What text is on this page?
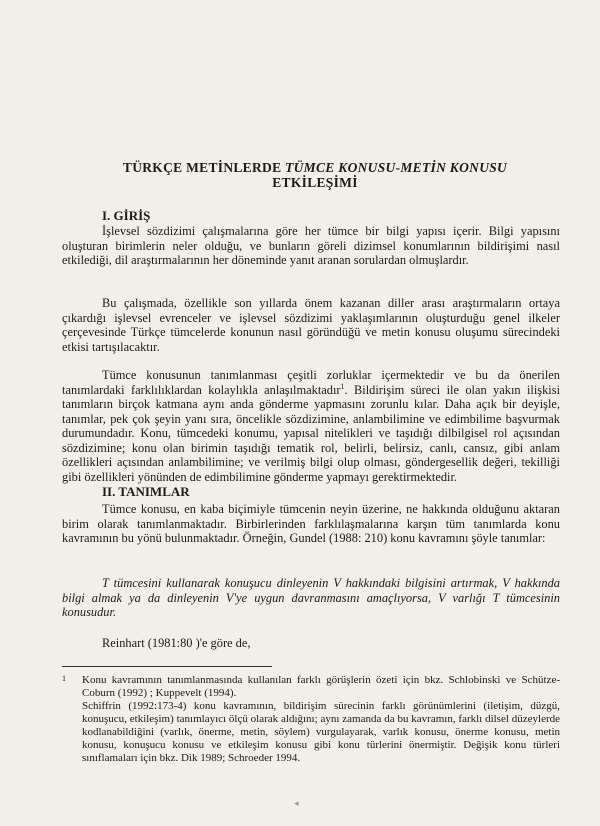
TÜRKÇE METİNLERDE TÜMCE KONUSU-METİN KONUSU
ETKİLEŞİMİ
I. GİRİŞ

İşlevsel sözdizimi çalışmalarına göre her tümce bir bilgi yapısı içerir. Bilgi yapısını oluşturan birimlerin neler olduğu, ve bunların göreli dizimsel konumlarının bildirişimi nasıl etkilediği, dil araştırmalarının her döneminde yanıt aranan sorulardan olmuşlardır.

Bu çalışmada, özellikle son yıllarda önem kazanan diller arası araştırmaların ortaya çıkardığı işlevsel evrenceler ve işlevsel sözdizimi yaklaşımlarının oluşturduğu genel ilkeler çerçevesinde Türkçe tümcelerde konunun nasıl göründüğü ve metin konusu oluşumu sürecindeki etkisi tartışılacaktır.

Tümce konusunun tanımlanması çeşitli zorluklar içermektedir ve bu da önerilen tanımlardaki farklılıklardan kolaylıkla anlaşılmaktadır$^1$. Bildirişim süreci ile olan yakın ilişkisi tanımların birçok katmana aynı anda gönderme yapmasını zorunlu kılar. Daha açık bir deyişle, tanımlar, pek çok şeyin yanı sıra, öncelikle sözdizimine, anlambilimine ve edimbilime başvurmak durumundadır. Konu, tümcedeki konumu, yapısal nitelikleri ve taşıdığı dilbilgisel rol açısından sözdizimine; konu olan birimin taşıdığı tematik rol, belirli, belirsiz, canlı, cansız, gibi anlam özellikleri açısından anlambilimine; ve verilmiş bilgi olup olması, göndergesellik değeri, tekilliği gibi özellikleri yönünden de edimbilimine gönderme yapmayı gerektirmektedir.

II. TANIMLAR

Tümce konusu, en kaba biçimiyle tümcenin neyin üzerine, ne hakkında olduğunu aktaran birim olarak tanımlanmaktadır. Birbirlerinden farklılaşmalarına karşın tüm tanımlarda konu kavramının bu yönü bulunmaktadır. Örneğin, Gundel (1988: 210) konu kavramını şöyle tanımlar:

T tümcesini kullanarak konuşucu dinleyenin V hakkındaki bilgisini artırmak, V hakkında bilgi almak ya da dinleyenin V'ye uygun davranmasını amaçlıyorsa, V varlığı T tümcesinin konusudur.

Reinhart (1981:80 )'e göre de,
1 Konu kavramının tanımlanmasında kullanılan farklı görüşlerin özeti için bkz. Schlobinski ve Schütze-Coburn (1992) ; Kuppevelt (1994).
Schiffrin (1992:173-4) konu kavramının, bildirişim sürecinin farklı görünümlerini (iletişim, düzgü, konuşucu, etkileşim) tanımlayıcı ölçü olarak aldığını; aynı zamanda da bu kavramın, farklı dilsel düzeylerde kodlanabildiğini (varlık, önerme, metin, söylem) vurgulayarak, varlık konusu, önerme konusu, metin konusu, konuşucu konusu ve etkileşim konusu gibi konu türlerini önermiştir. Değişik konu türleri sınıflamaları için bkz. Dik 1989; Schroeder 1994.
◂
